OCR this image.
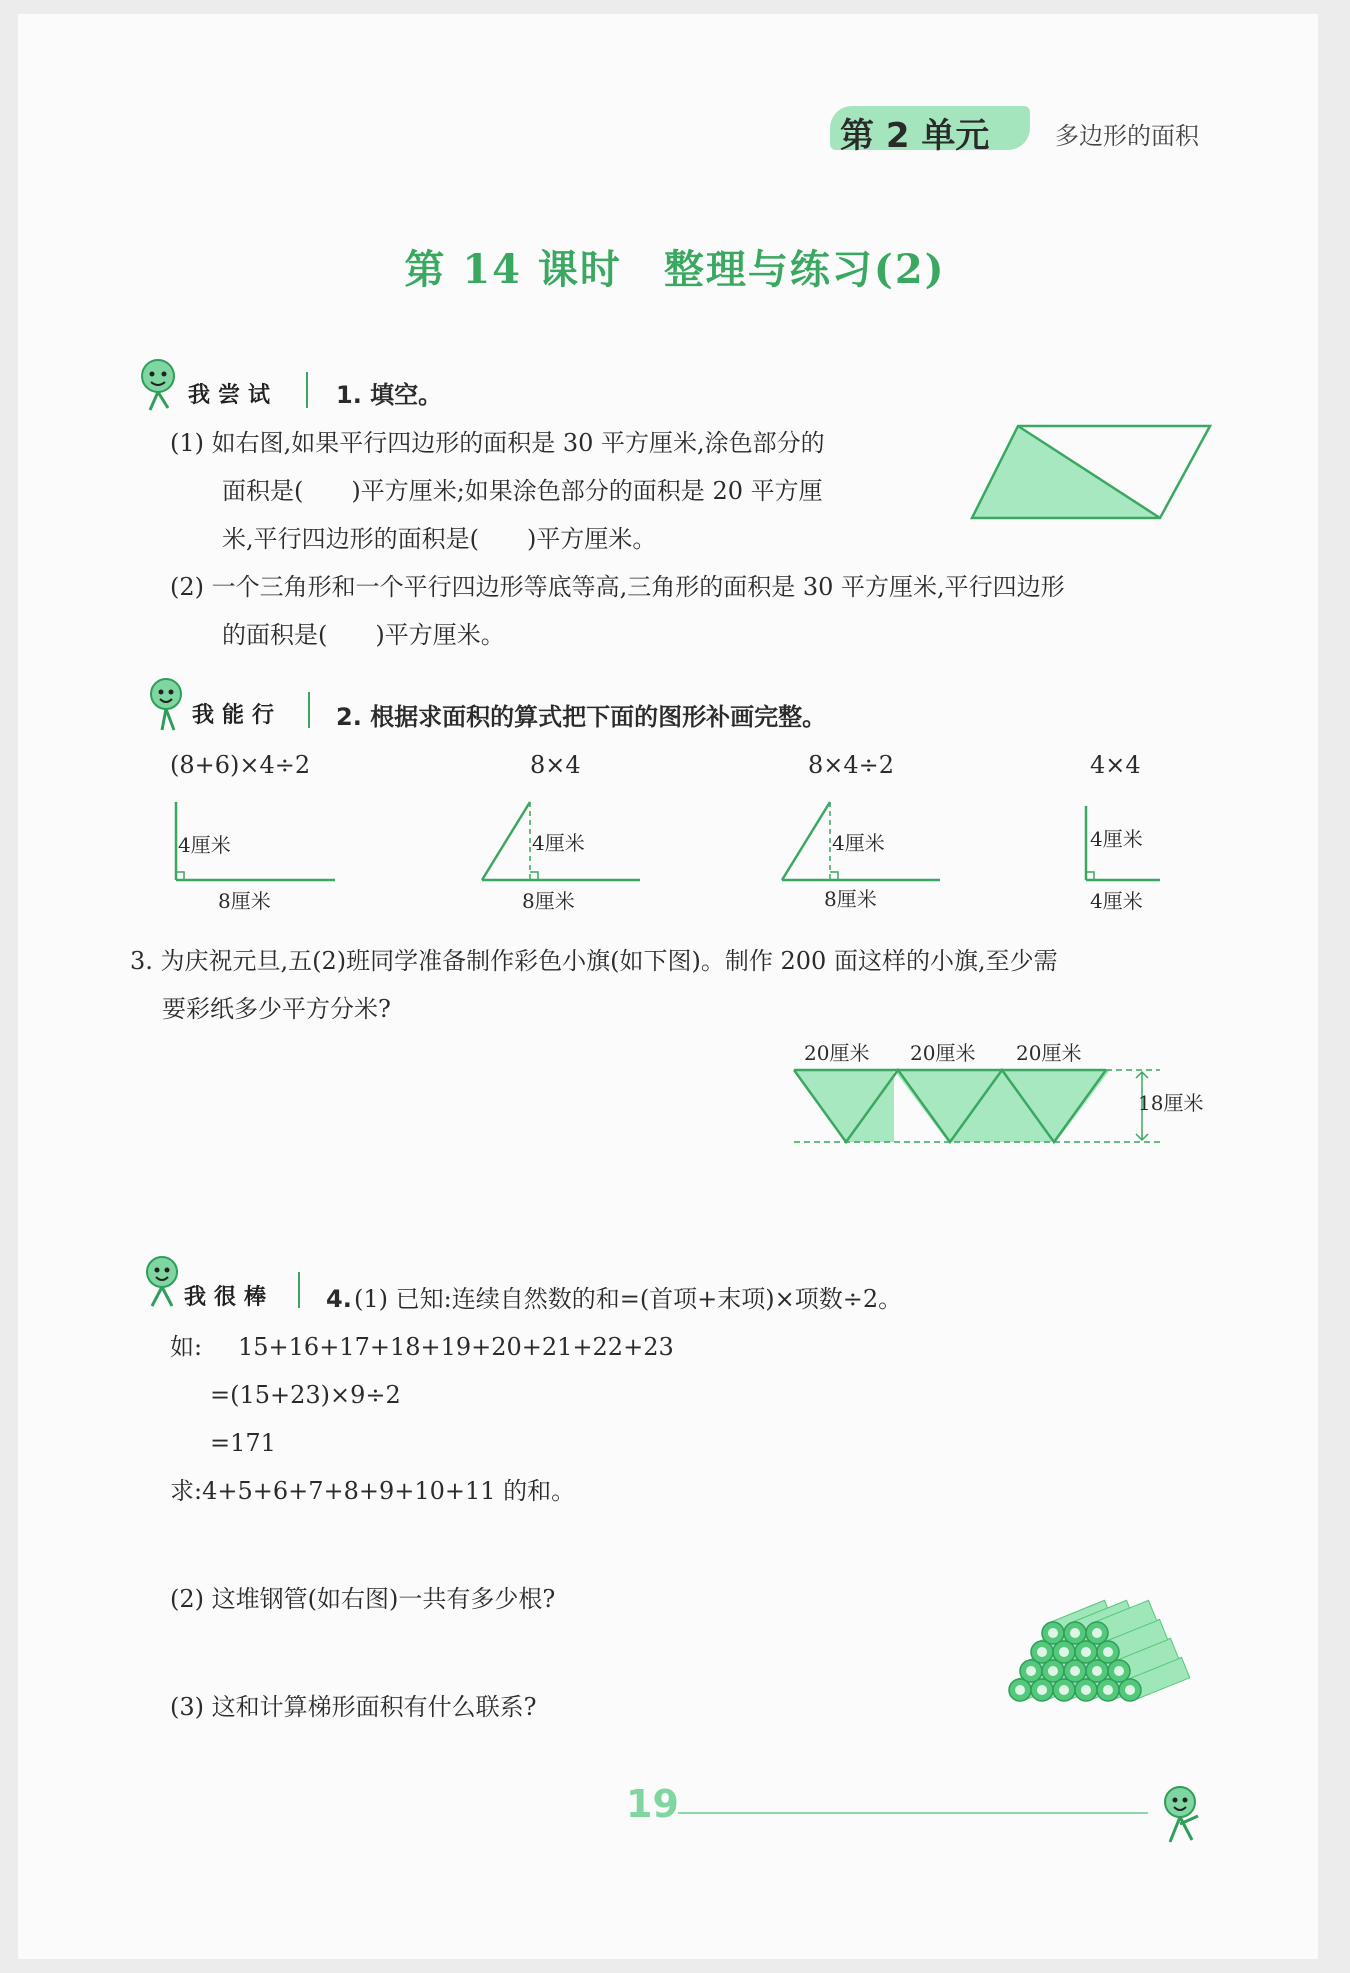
第 2 单元	多边形的面积
第 14 课时　整理与练习(2)
我尝试 1. 填空。
(1) 如右图,如果平行四边形的面积是 30 平方厘米,涂色部分的
面积是(　　)平方厘米;如果涂色部分的面积是 20 平方厘
米,平行四边形的面积是(　　)平方厘米。
(2) 一个三角形和一个平行四边形等底等高,三角形的面积是 30 平方厘米,平行四边形
的面积是(　　)平方厘米。
我能行 2. 根据求面积的算式把下面的图形补画完整。
(8+6)×4÷2	8×4	8×4÷2	4×4
4厘米
8厘米
4厘米
8厘米
4厘米
8厘米
4厘米
4厘米
3. 为庆祝元旦,五(2)班同学准备制作彩色小旗(如下图)。制作 200 面这样的小旗,至少需
要彩纸多少平方分米?
20厘米 20厘米 20厘米
18厘米
我很棒 4. (1) 已知:连续自然数的和=(首项+末项)×项数÷2。
如: 15+16+17+18+19+20+21+22+23
=(15+23)×9÷2
=171
求:4+5+6+7+8+9+10+11 的和。
(2) 这堆钢管(如右图)一共有多少根?
(3) 这和计算梯形面积有什么联系?
19
